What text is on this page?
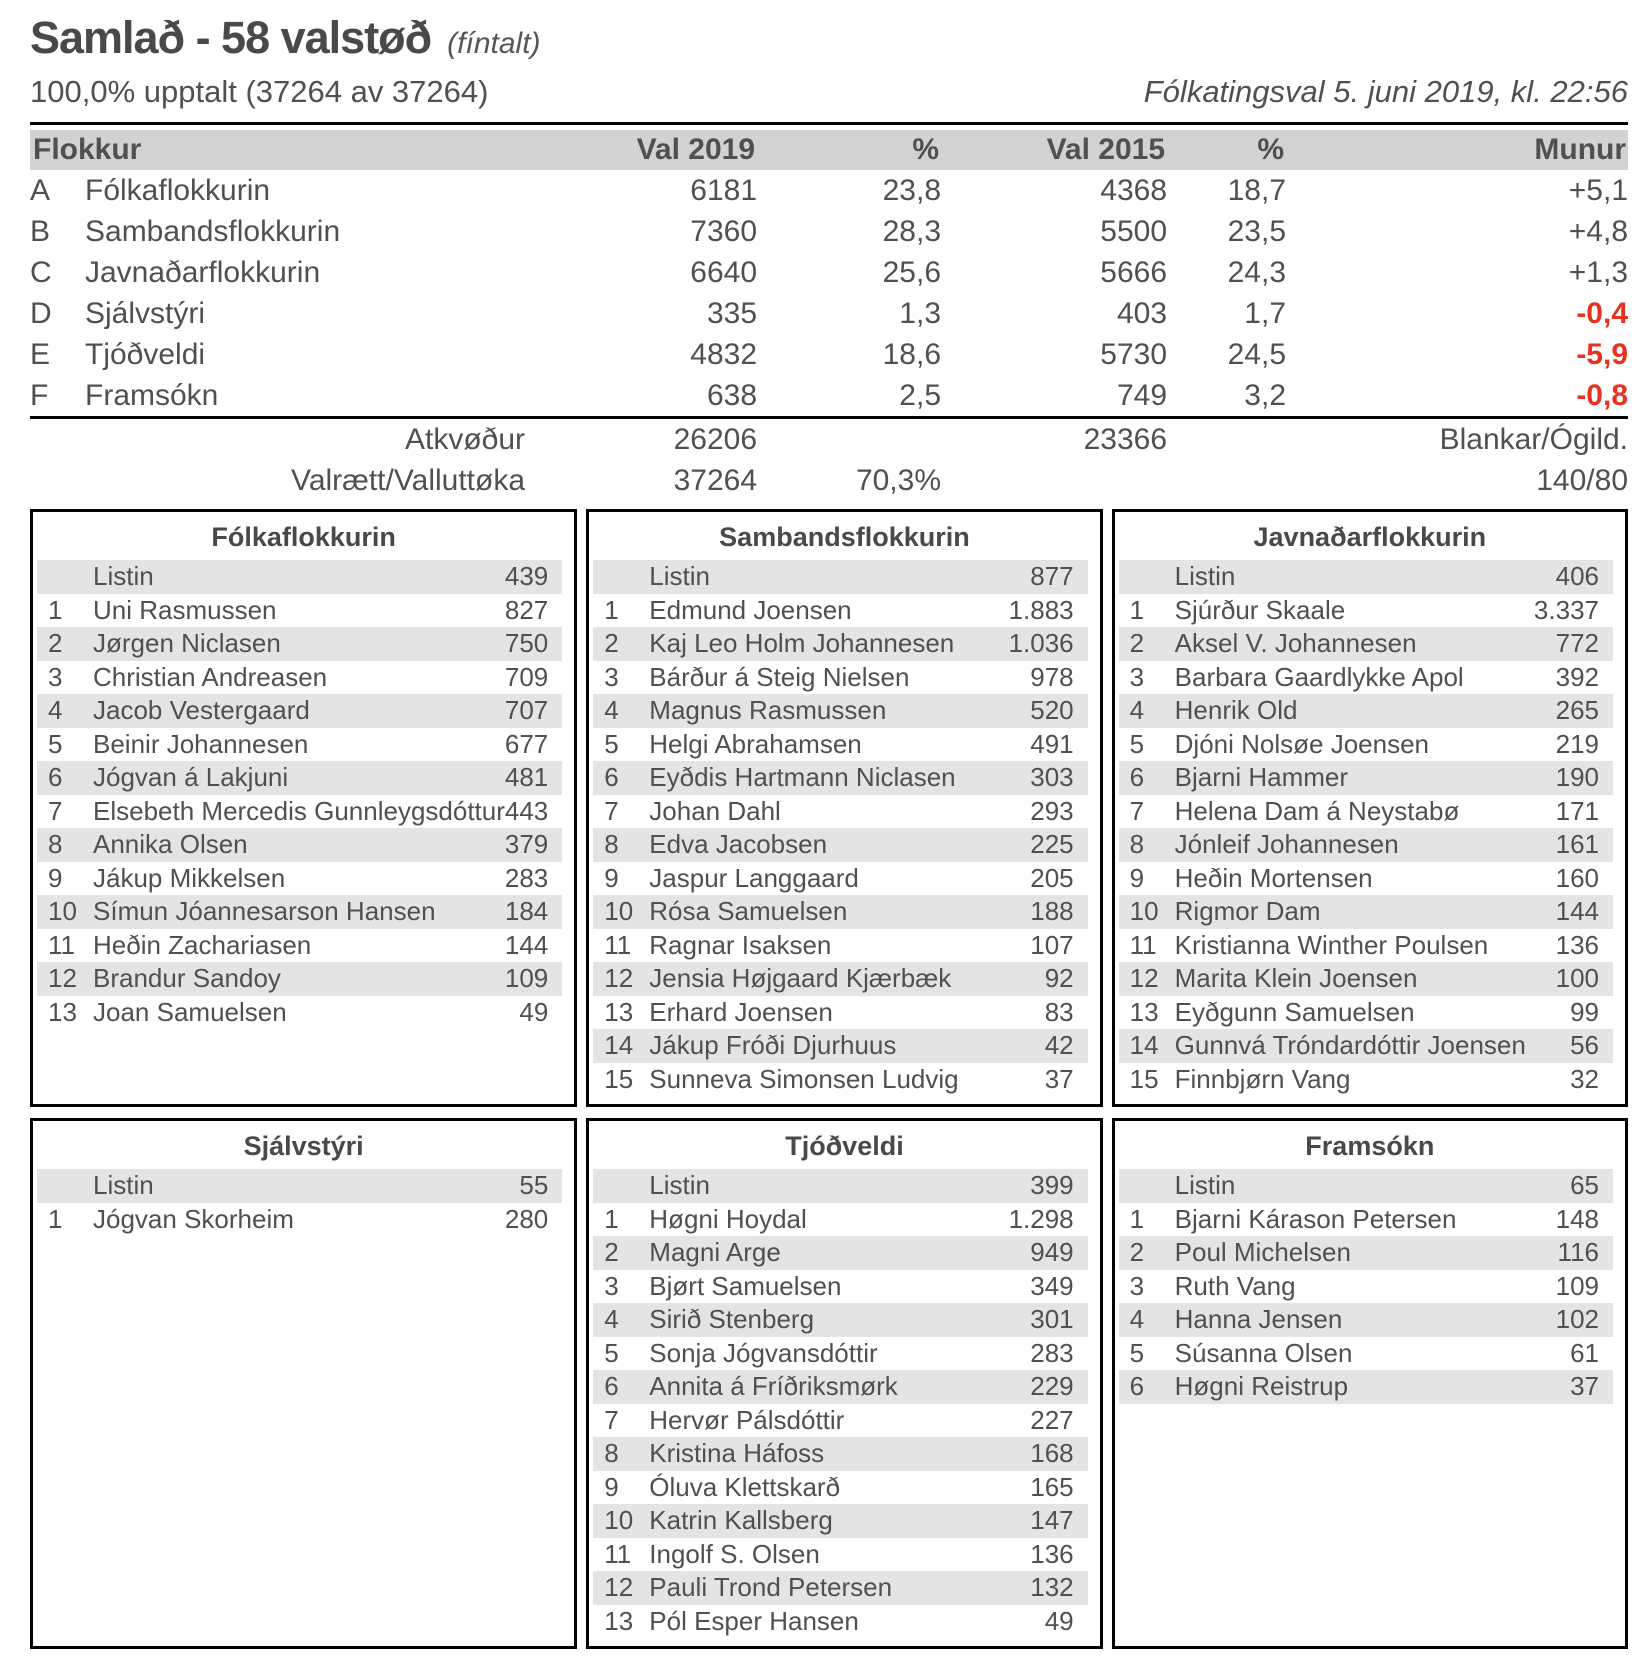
Samlað - 58 valstøð (fíntalt)
100,0% upptalt (37264 av 37264)	Fólkatingsval 5. juni 2019, kl. 22:56
Flokkur		Val 2019	%	Val 2015	%	Munur
A	Fólkaflokkurin	6181	23,8	4368	18,7	+5,1
B	Sambandsflokkurin	7360	28,3	5500	23,5	+4,8
C	Javnaðarflokkurin	6640	25,6	5666	24,3	+1,3
D	Sjálvstýri	335	1,3	403	1,7	-0,4
E	Tjóðveldi	4832	18,6	5730	24,5	-5,9
F	Framsókn	638	2,5	749	3,2	-0,8
Atkvøður		26206		23366		Blankar/Ógild.
Valrætt/Valluttøka		37264	70,3%			140/80
Fólkaflokkurin
Listin	439
1	Uni Rasmussen	827
2	Jørgen Niclasen	750
3	Christian Andreasen	709
4	Jacob Vestergaard	707
5	Beinir Johannesen	677
6	Jógvan á Lakjuni	481
7	Elsebeth Mercedis Gunnleygsdóttur 443
8	Annika Olsen	379
9	Jákup Mikkelsen	283
10 Símun Jóannesarson Hansen	184
11 Heðin Zachariasen	144
12 Brandur Sandoy	109
13 Joan Samuelsen	49
Sambandsflokkurin
Listin	877
1	Edmund Joensen	1.883
2	Kaj Leo Holm Johannesen	1.036
3	Bárður á Steig Nielsen	978
4	Magnus Rasmussen	520
5	Helgi Abrahamsen	491
6	Eyðdis Hartmann Niclasen	303
7	Johan Dahl	293
8	Edva Jacobsen	225
9	Jaspur Langgaard	205
10 Rósa Samuelsen	188
11 Ragnar Isaksen	107
12 Jensia Højgaard Kjærbæk	92
13 Erhard Joensen	83
14 Jákup Fróði Djurhuus	42
15 Sunneva Simonsen Ludvig	37
Javnaðarflokkurin
Listin	406
1	Sjúrður Skaale	3.337
2	Aksel V. Johannesen	772
3	Barbara Gaardlykke Apol	392
4	Henrik Old	265
5	Djóni Nolsøe Joensen	219
6	Bjarni Hammer	190
7	Helena Dam á Neystabø	171
8	Jónleif Johannesen	161
9	Heðin Mortensen	160
10 Rigmor Dam	144
11 Kristianna Winther Poulsen	136
12 Marita Klein Joensen	100
13 Eyðgunn Samuelsen	99
14 Gunnvá Tróndardóttir Joensen	56
15 Finnbjørn Vang	32
Sjálvstýri
Listin	55
1	Jógvan Skorheim	280
Tjóðveldi
Listin	399
1	Høgni Hoydal	1.298
2	Magni Arge	949
3	Bjørt Samuelsen	349
4	Sirið Stenberg	301
5	Sonja Jógvansdóttir	283
6	Annita á Fríðriksmørk	229
7	Hervør Pálsdóttir	227
8	Kristina Háfoss	168
9	Óluva Klettskarð	165
10 Katrin Kallsberg	147
11 Ingolf S. Olsen	136
12 Pauli Trond Petersen	132
13 Pól Esper Hansen	49
Framsókn
Listin	65
1	Bjarni Kárason Petersen	148
2	Poul Michelsen	116
3	Ruth Vang	109
4	Hanna Jensen	102
5	Súsanna Olsen	61
6	Høgni Reistrup	37
